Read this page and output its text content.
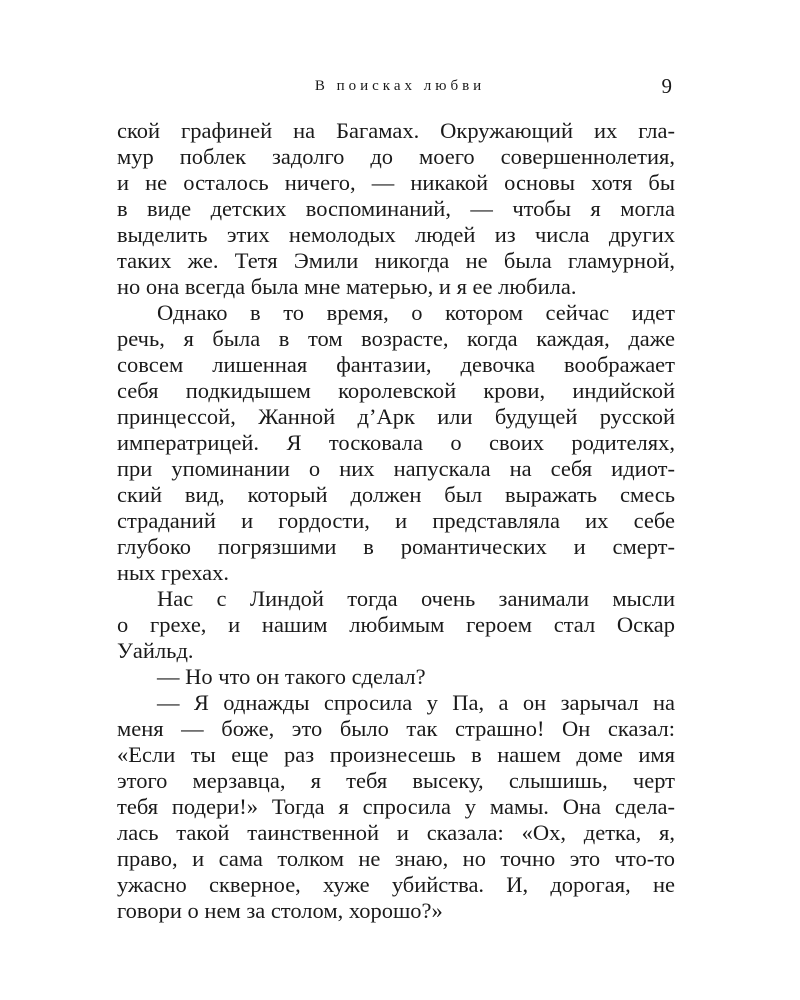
В поисках любви	9
ской графиней на Багамах. Окружающий их гла-
мур поблек задолго до моего совершеннолетия,
и не осталось ничего, — никакой основы хотя бы
в виде детских воспоминаний, — чтобы я могла
выделить этих немолодых людей из числа других
таких же. Тетя Эмили никогда не была гламурной,
но она всегда была мне матерью, и я ее любила.
Однако в то время, о котором сейчас идет
речь, я была в том возрасте, когда каждая, даже
совсем лишенная фантазии, девочка воображает
себя подкидышем королевской крови, индийской
принцессой, Жанной д’Арк или будущей русской
императрицей. Я тосковала о своих родителях,
при упоминании о них напускала на себя идиот-
ский вид, который должен был выражать смесь
страданий и гордости, и представляла их себе
глубоко погрязшими в романтических и смерт-
ных грехах.
Нас с Линдой тогда очень занимали мысли
о грехе, и нашим любимым героем стал Оскар
Уайльд.
— Но что он такого сделал?
— Я однажды спросила у Па, а он зарычал на
меня — боже, это было так страшно! Он сказал:
«Если ты еще раз произнесешь в нашем доме имя
этого мерзавца, я тебя высеку, слышишь, черт
тебя подери!» Тогда я спросила у мамы. Она сдела-
лась такой таинственной и сказала: «Ох, детка, я,
право, и сама толком не знаю, но точно это что-то
ужасно скверное, хуже убийства. И, дорогая, не
говори о нем за столом, хорошо?»
